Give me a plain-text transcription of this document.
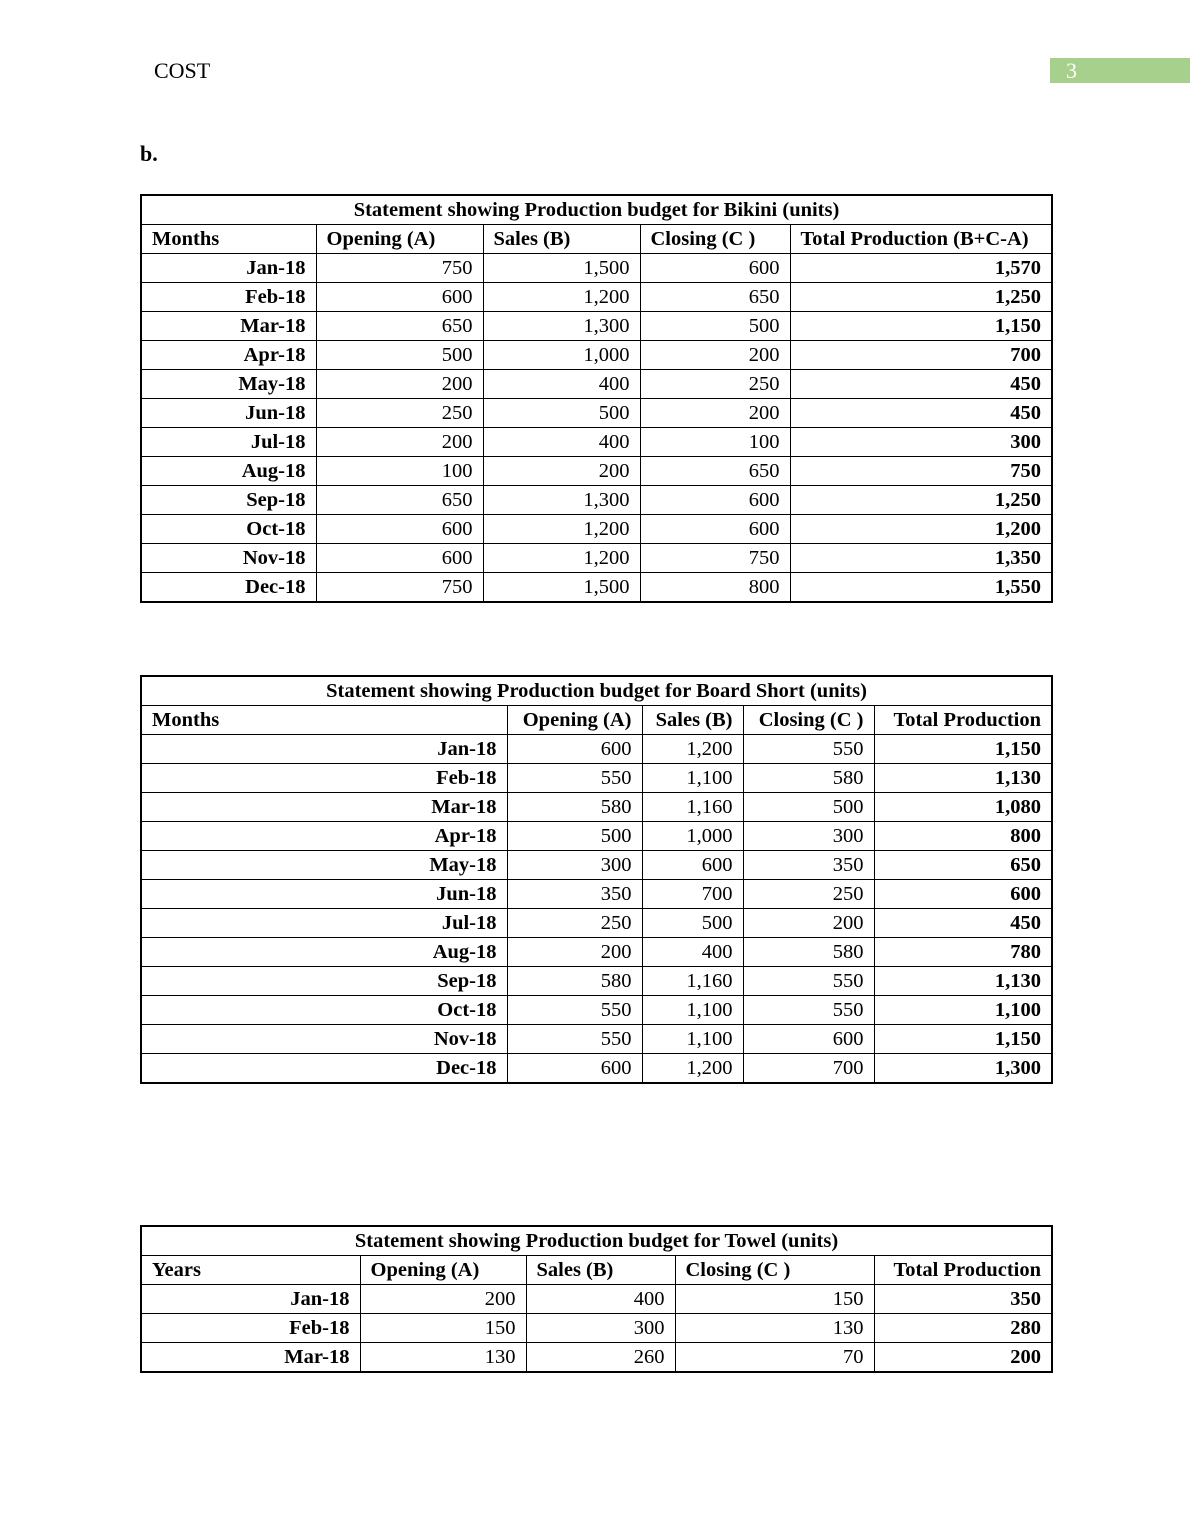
COST	3
b.
Statement showing Production budget for Bikini (units)				
Months	Opening (A)	Sales (B)	Closing (C )	Total Production (B+C-A)
Jan-18	750	1,500	600	1,570
Feb-18	600	1,200	650	1,250
Mar-18	650	1,300	500	1,150
Apr-18	500	1,000	200	700
May-18	200	400	250	450
Jun-18	250	500	200	450
Jul-18	200	400	100	300
Aug-18	100	200	650	750
Sep-18	650	1,300	600	1,250
Oct-18	600	1,200	600	1,200
Nov-18	600	1,200	750	1,350
Dec-18	750	1,500	800	1,550
Statement showing Production budget for Board Short (units)				
Months	Opening (A)	Sales (B)	Closing (C )	Total Production
Jan-18	600	1,200	550	1,150
Feb-18	550	1,100	580	1,130
Mar-18	580	1,160	500	1,080
Apr-18	500	1,000	300	800
May-18	300	600	350	650
Jun-18	350	700	250	600
Jul-18	250	500	200	450
Aug-18	200	400	580	780
Sep-18	580	1,160	550	1,130
Oct-18	550	1,100	550	1,100
Nov-18	550	1,100	600	1,150
Dec-18	600	1,200	700	1,300
Statement showing Production budget for Towel (units)				
Years	Opening (A)	Sales (B)	Closing (C )	Total Production
Jan-18	200	400	150	350
Feb-18	150	300	130	280
Mar-18	130	260	70	200
